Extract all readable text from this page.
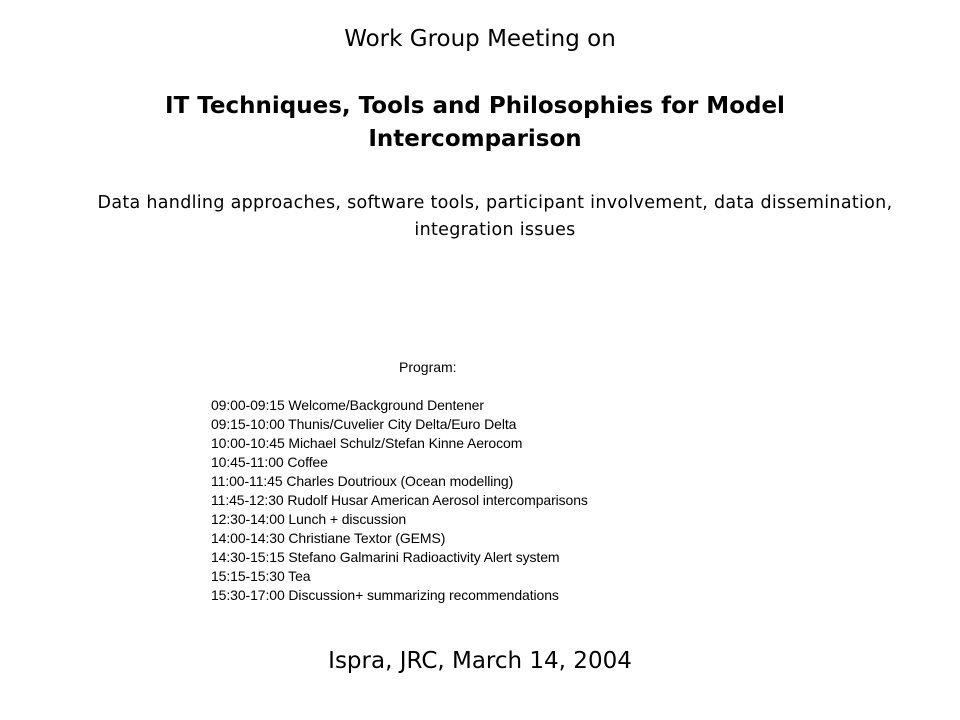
Work Group Meeting on
IT Techniques, Tools and Philosophies for Model Intercomparison
Data handling approaches, software tools, participant involvement, data dissemination, integration issues
Program:
09:00-09:15 Welcome/Background Dentener
09:15-10:00 Thunis/Cuvelier City Delta/Euro Delta
10:00-10:45 Michael Schulz/Stefan Kinne Aerocom
10:45-11:00 Coffee
11:00-11:45 Charles Doutrioux (Ocean modelling)
11:45-12:30 Rudolf Husar American Aerosol intercomparisons
12:30-14:00 Lunch + discussion
14:00-14:30 Christiane Textor (GEMS)
14:30-15:15 Stefano Galmarini Radioactivity Alert system
15:15-15:30 Tea
15:30-17:00 Discussion+ summarizing recommendations
Ispra, JRC, March 14, 2004
